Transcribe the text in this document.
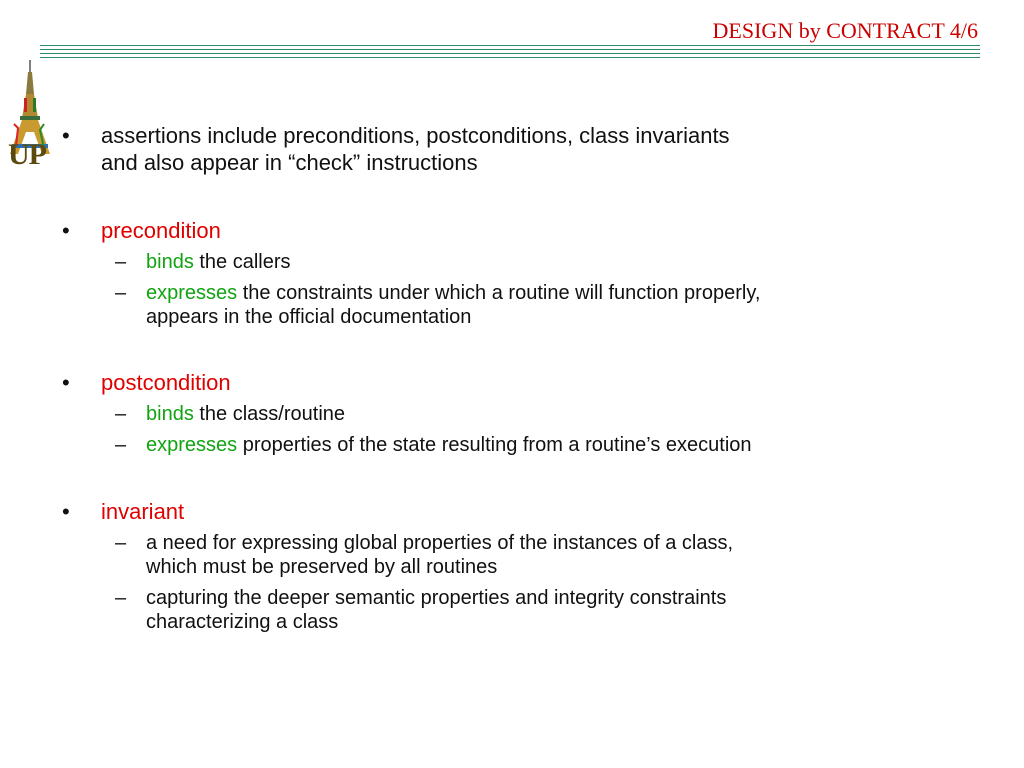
DESIGN by CONTRACT 4/6
UP
• assertions include preconditions, postconditions, class invariants
and also appear in “check” instructions
• precondition
– binds the callers
– expresses the constraints under which a routine will function properly,
appears in the official documentation
• postcondition
– binds the class/routine
– expresses properties of the state resulting from a routine’s execution
• invariant
– a need for expressing global properties of the instances of a class,
which must be preserved by all routines
– capturing the deeper semantic properties and integrity constraints
characterizing a class
